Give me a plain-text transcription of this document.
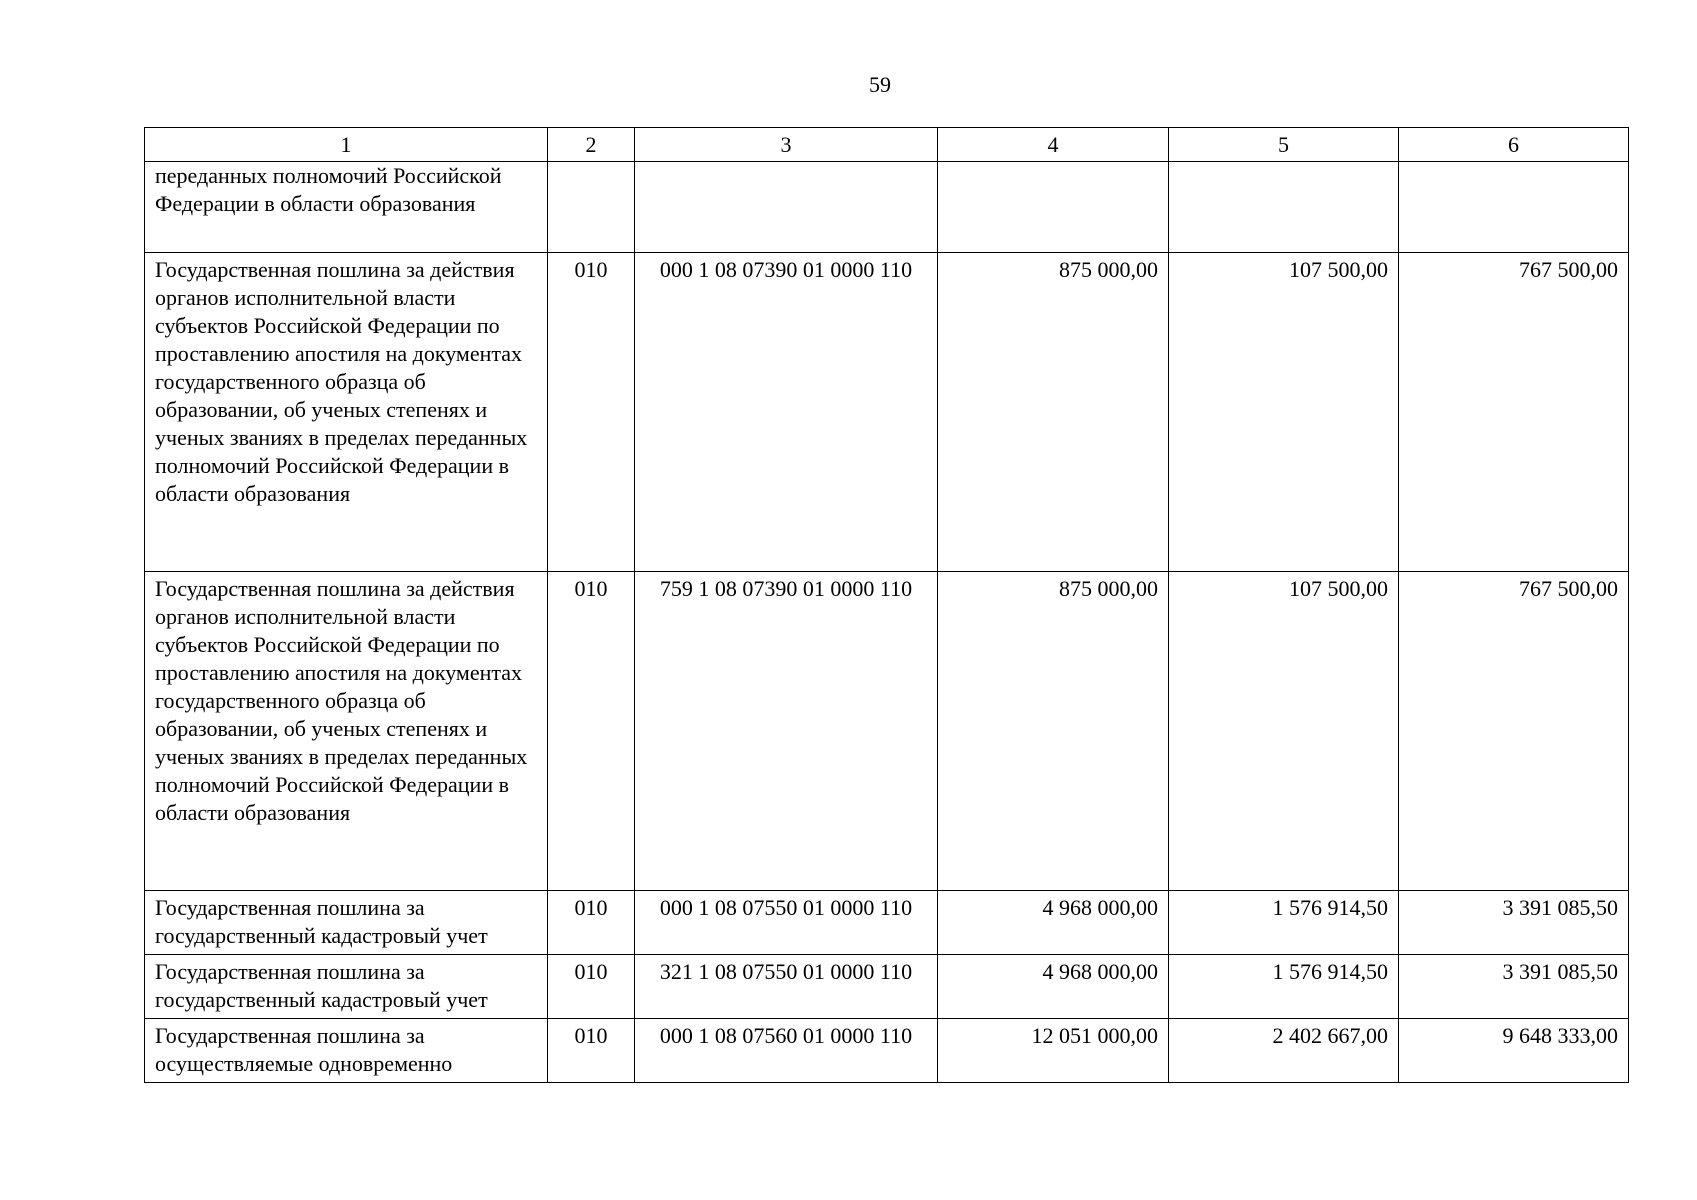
59
1	2	3	4	5	6
переданных полномочий Российской Федерации в области образования					
Государственная пошлина за действия органов исполнительной власти субъектов Российской Федерации по проставлению апостиля на документах государственного образца об образовании, об ученых степенях и ученых званиях в пределах переданных полномочий Российской Федерации в области образования	010	000 1 08 07390 01 0000 110	875 000,00	107 500,00	767 500,00
Государственная пошлина за действия органов исполнительной власти субъектов Российской Федерации по проставлению апостиля на документах государственного образца об образовании, об ученых степенях и ученых званиях в пределах переданных полномочий Российской Федерации в области образования	010	759 1 08 07390 01 0000 110	875 000,00	107 500,00	767 500,00
Государственная пошлина за государственный кадастровый учет	010	000 1 08 07550 01 0000 110	4 968 000,00	1 576 914,50	3 391 085,50
Государственная пошлина за государственный кадастровый учет	010	321 1 08 07550 01 0000 110	4 968 000,00	1 576 914,50	3 391 085,50
Государственная пошлина за осуществляемые одновременно	010	000 1 08 07560 01 0000 110	12 051 000,00	2 402 667,00	9 648 333,00
